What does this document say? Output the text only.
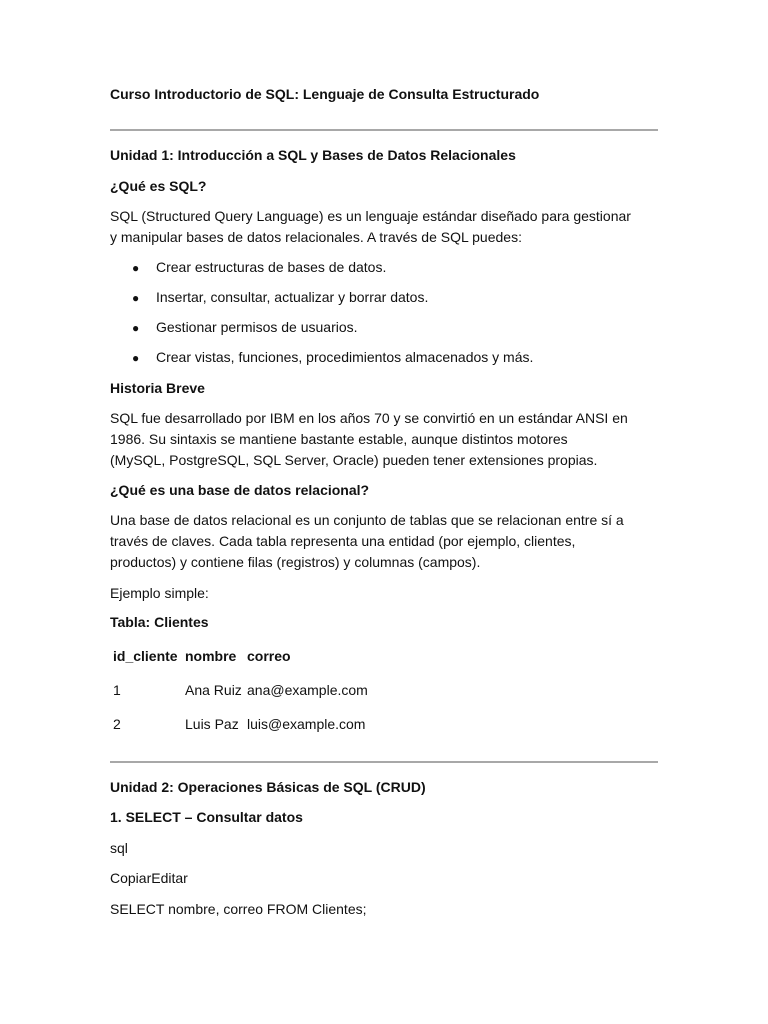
Curso Introductorio de SQL: Lenguaje de Consulta Estructurado
Unidad 1: Introducción a SQL y Bases de Datos Relacionales
¿Qué es SQL?
SQL (Structured Query Language) es un lenguaje estándar diseñado para gestionar
y manipular bases de datos relacionales. A través de SQL puedes:
● Crear estructuras de bases de datos.
● Insertar, consultar, actualizar y borrar datos.
● Gestionar permisos de usuarios.
● Crear vistas, funciones, procedimientos almacenados y más.
Historia Breve
SQL fue desarrollado por IBM en los años 70 y se convirtió en un estándar ANSI en
1986. Su sintaxis se mantiene bastante estable, aunque distintos motores
(MySQL, PostgreSQL, SQL Server, Oracle) pueden tener extensiones propias.
¿Qué es una base de datos relacional?
Una base de datos relacional es un conjunto de tablas que se relacionan entre sí a
través de claves. Cada tabla representa una entidad (por ejemplo, clientes,
productos) y contiene filas (registros) y columnas (campos).
Ejemplo simple:
Tabla: Clientes
id_cliente nombre correo
1	Ana Ruiz ana@example.com
2	Luis Paz luis@example.com
Unidad 2: Operaciones Básicas de SQL (CRUD)
1. SELECT – Consultar datos
sql
CopiarEditar
SELECT nombre, correo FROM Clientes;
